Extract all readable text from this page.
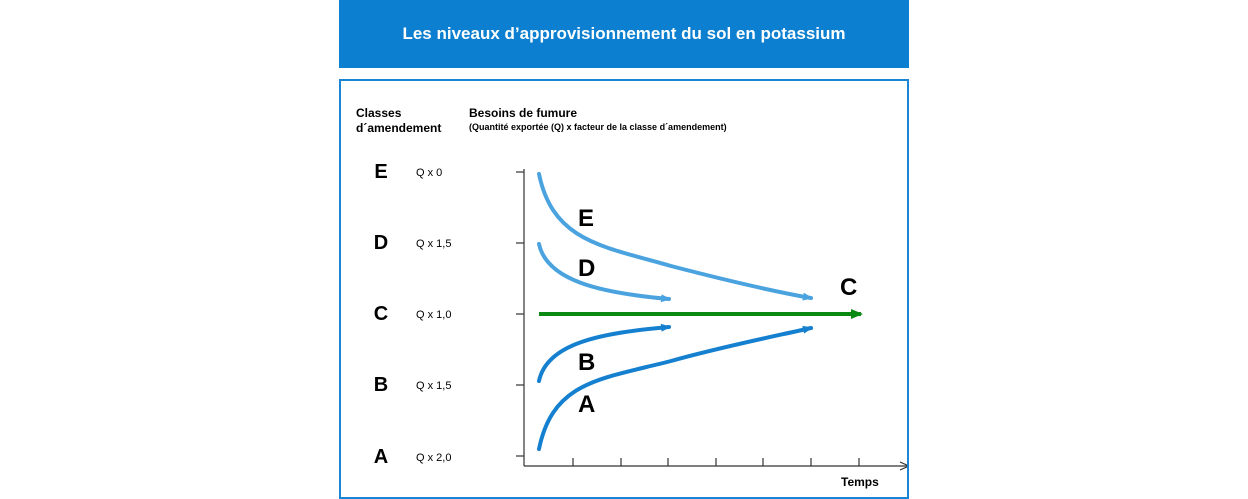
Les niveaux d’approvisionnement du sol en potassium
Classes
d´amendement
Besoins de fumure
(Quantité exportée (Q) x facteur de la classe d´amendement)
E	Q x 0
D	Q x 1,5
C	Q x 1,0
B	Q x 1,5
A	Q x 2,0
E
D
C
B
A
Temps
